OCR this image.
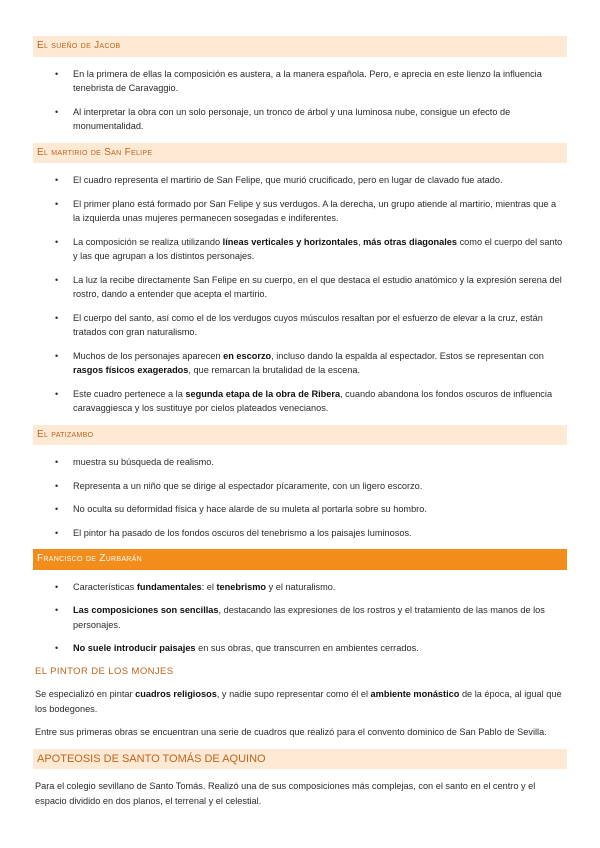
El sueño de Jacob
• En la primera de ellas la composición es austera, a la manera española. Pero, e aprecia en este lienzo la influencia tenebrista de Caravaggio.
• Al interpretar la obra con un solo personaje, un tronco de árbol y una luminosa nube, consigue un efecto de monumentalidad.
El martirio de San Felipe
• El cuadro representa el martirio de San Felipe, que murió crucificado, pero en lugar de clavado fue atado.
• El primer plano está formado por San Felipe y sus verdugos. A la derecha, un grupo atiende al martirio, mientras que a la izquierda unas mujeres permanecen sosegadas e indiferentes.
• La composición se realiza utilizando líneas verticales y horizontales, más otras diagonales como el cuerpo del santo y las que agrupan a los distintos personajes.
• La luz la recibe directamente San Felipe en su cuerpo, en el que destaca el estudio anatómico y la expresión serena del rostro, dando a entender que acepta el martirio.
• El cuerpo del santo, así como el de los verdugos cuyos músculos resaltan por el esfuerzo de elevar a la cruz, están tratados con gran naturalismo.
• Muchos de los personajes aparecen en escorzo, incluso dando la espalda al espectador. Estos se representan con rasgos físicos exagerados, que remarcan la brutalidad de la escena.
• Este cuadro pertenece a la segunda etapa de la obra de Ribera, cuando abandona los fondos oscuros de influencia caravaggiesca y los sustituye por cielos plateados venecianos.
El patizambo
• muestra su búsqueda de realismo.
• Representa a un niño que se dirige al espectador pícaramente, con un ligero escorzo.
• No oculta su deformidad física y hace alarde de su muleta al portarla sobre su hombro.
• El pintor ha pasado de los fondos oscuros del tenebrismo a los paisajes luminosos.
Francisco de Zurbarán
• Características fundamentales: el tenebrismo y el naturalismo.
• Las composiciones son sencillas, destacando las expresiones de los rostros y el tratamiento de las manos de los personajes.
• No suele introducir paisajes en sus obras, que transcurren en ambientes cerrados.
EL PINTOR DE LOS MONJES

Se especializó en pintar cuadros religiosos, y nadie supo representar como él el ambiente monástico de la época, al igual que los bodegones.

Entre sus primeras obras se encuentran una serie de cuadros que realizó para el convento dominico de San Pablo de Sevilla.

APOTEOSIS DE SANTO TOMÁS DE AQUINO

Para el colegio sevillano de Santo Tomás. Realizó una de sus composiciones más complejas, con el santo en el centro y el espacio dividido en dos planos, el terrenal y el celestial.
